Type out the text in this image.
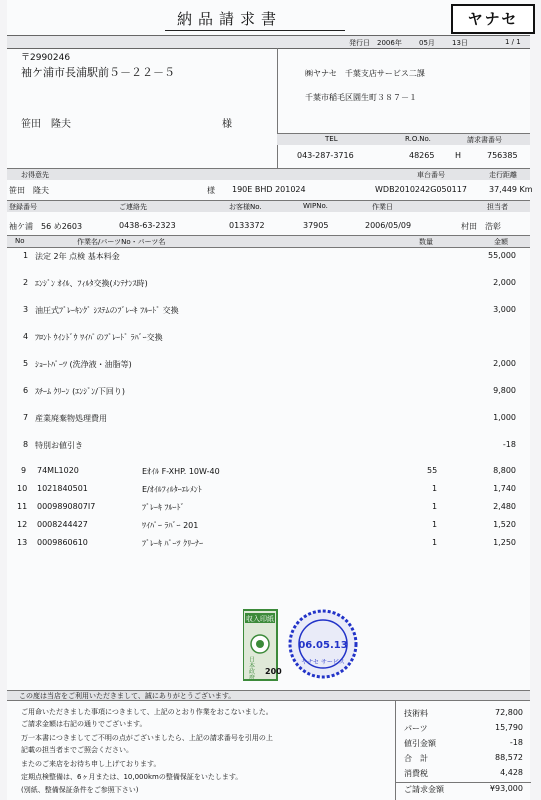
納品請求書	ヤナセ
発行日 2006年 05月 13日	1 / 1
〒2990246
袖ケ浦市長浦駅前５－２２－５
笹田　隆夫	様
㈱ヤナセ　千葉支店サービス二課
千葉市稲毛区園生町３８７－１
TEL	R.O.No.	請求書番号
043-287-3716	48265	H	756385
お得意先	車台番号	走行距離
笹田　隆夫	様 190E BHD 201024	WDB2010242G050117	37,449 Km
登録番号	ご連絡先	お客様No.	WIPNo.	作業日	担当者
袖ケ浦　56 め2603	0438-63-2323	0133372	37905	2006/05/09	村田　浩彰
No	作業名/パーツNo・パーツ名	数量	金額
1 法定 2年 点検 基本料金	55,000
2 ｴﾝｼﾞﾝ ｵｲﾙ、ﾌｨﾙﾀ交換(ﾒﾝﾃﾅﾝｽ時)	2,000
3 油圧式ﾌﾞﾚｰｷﾝｸﾞ ｼｽﾃﾑのﾌﾞﾚｰｷ ﾌﾙｰﾄﾞ 交換	3,000
4 ﾌﾛﾝﾄ ｳｲﾝﾄﾞｳ ﾜｲﾊﾟのﾌﾞﾚｰﾄﾞ ﾗﾊﾞｰ交換
5 ｼｮｰﾄﾊﾟｰﾂ (洗浄液・油脂等)	2,000
6 ｽﾁｰﾑ ｸﾘｰﾝ (ｴﾝｼﾞﾝ/下回り)	9,800
7 産業廃棄物処理費用	1,000
8 特別お値引き	-18
9 74ML1020	Eｵｲﾙ F-XHP. 10W-40	55	8,800
10 1021840501	E/ｵｲﾙﾌｨﾙﾀｰｴﾚﾒﾝﾄ	1	1,740
11 0009890807I7	ﾌﾞﾚｰｷ ﾌﾙｰﾄﾞ	1	2,480
12 0008244427	ﾜｲﾊﾟｰ ﾗﾊﾞｰ 201	1	1,520
13 0009860610	ﾌﾞﾚｰｷ ﾊﾟｰﾂ ｸﾘｰﾅｰ	1	1,250
収入印紙
日本政府 200
06.05.13
ヤナセ サービス
この度は当店をご利用いただきまして、誠にありがとうございます。
ご用命いただきました事項につきまして、上記のとおり作業をおこないました。
ご請求金額は右記の通りでございます。
万一本書につきましてご不明の点がございましたら、上記の請求番号を引用の上
記載の担当者までご照会ください。
またのご来店をお待ち申し上げております。
定期点検整備は、6ヶ月または、10,000kmの整備保証をいたします。
(別紙、整備保証条件をご参照下さい)
技術料	72,800
パーツ	15,790
値引金額	-18
合　計	88,572
消費税	4,428
ご請求金額	¥93,000
